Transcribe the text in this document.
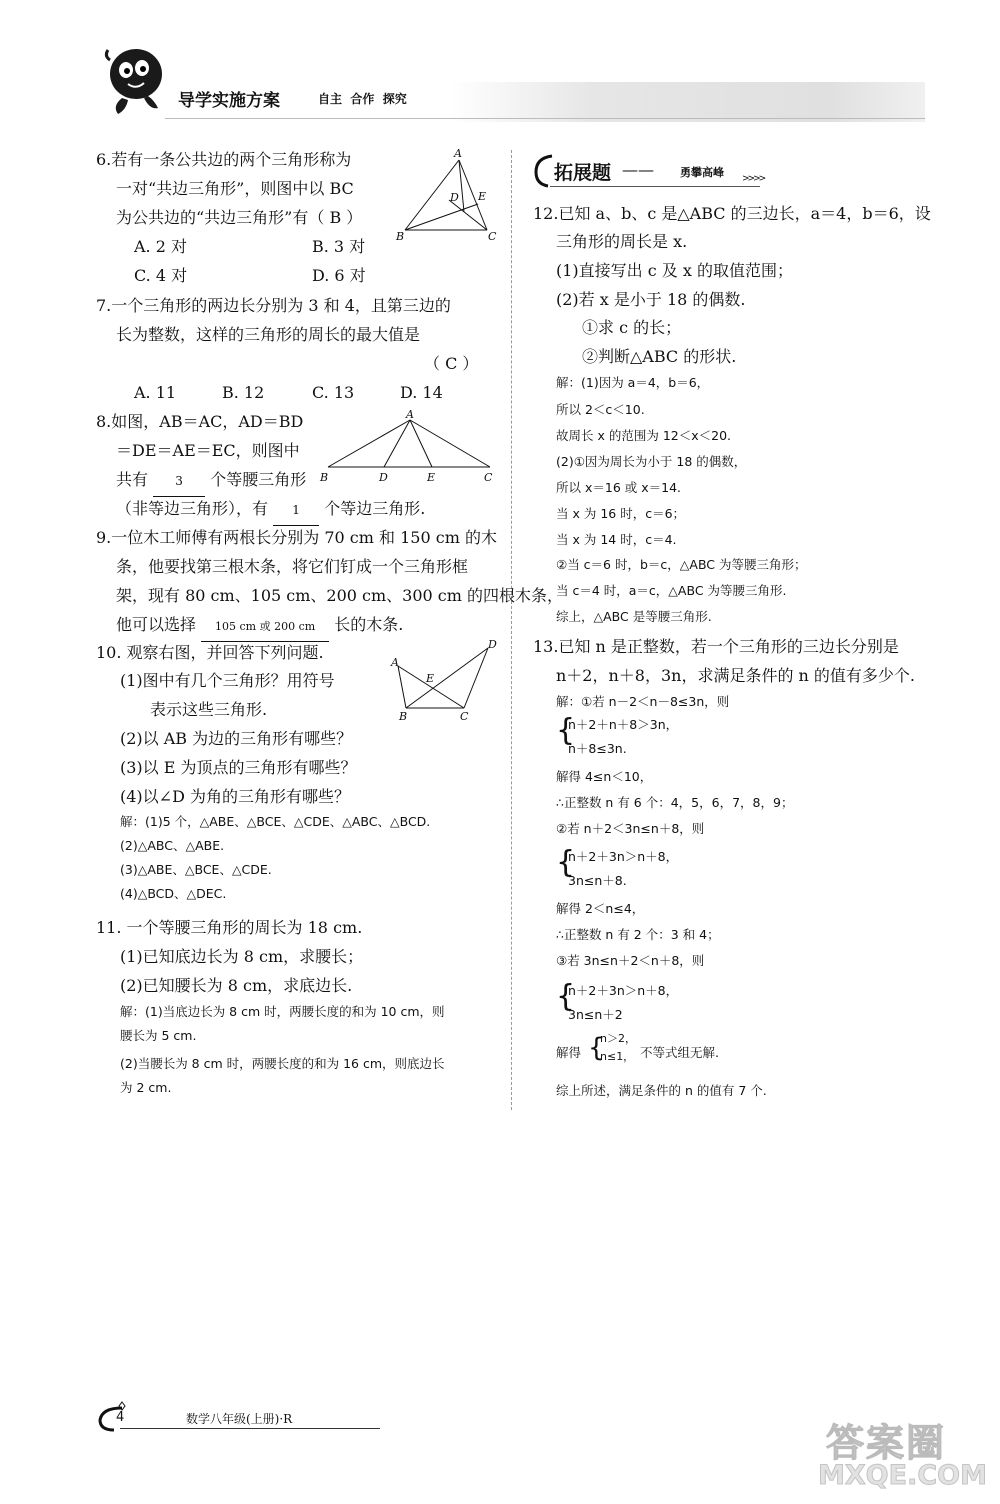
导学实施方案	自主  合作  探究
6.若有一条公共边的两个三角形称为
一对“共边三角形”，则图中以 BC
为公共边的“共边三角形”有（ B ）
A. 2 对	B. 3 对
C. 4 对	D. 6 对
A
D E
B	C
7.一个三角形的两边长分别为 3 和 4，且第三边的
长为整数，这样的三角形的周长的最大值是
（ C ）
A. 11	B. 12	C. 13	D. 14
8.如图，AB＝AC，AD＝BD
＝DE＝AE＝EC，则图中
共有 3 个等腰三角形
（非等边三角形），有 1 个等边三角形.
A
B	D	E	C
9.一位木工师傅有两根长分别为 70 cm 和 150 cm 的木
条，他要找第三根木条，将它们钉成一个三角形框
架，现有 80 cm、105 cm、200 cm、300 cm 的四根木条，
他可以选择 105 cm 或 200 cm 长的木条.
10. 观察右图，并回答下列问题.
(1)图中有几个三角形？用符号
表示这些三角形.
(2)以 AB 为边的三角形有哪些？
(3)以 E 为顶点的三角形有哪些？
(4)以∠D 为角的三角形有哪些？
A
D
E
B	C
解：(1)5 个，△ABE、△BCE、△CDE、△ABC、△BCD.
(2)△ABC、△ABE.
(3)△ABE、△BCE、△CDE.
(4)△BCD、△DEC.
11. 一个等腰三角形的周长为 18 cm.
(1)已知底边长为 8 cm，求腰长；
(2)已知腰长为 8 cm，求底边长.
解：(1)当底边长为 8 cm 时，两腰长度的和为 10 cm，则
腰长为 5 cm.
(2)当腰长为 8 cm 时，两腰长度的和为 16 cm，则底边长
为 2 cm.
拓展题 —— 勇攀高峰 >>>>
12.已知 a、b、c 是△ABC 的三边长，a＝4，b＝6，设
三角形的周长是 x.
(1)直接写出 c 及 x 的取值范围；
(2)若 x 是小于 18 的偶数.
①求 c 的长；
②判断△ABC 的形状.
解：(1)因为 a＝4，b＝6，
所以 2＜c＜10.
故周长 x 的范围为 12＜x＜20.
(2)①因为周长为小于 18 的偶数，
所以 x＝16 或 x＝14.
当 x 为 16 时，c＝6；
当 x 为 14 时，c＝4.
②当 c＝6 时，b＝c，△ABC 为等腰三角形；
当 c＝4 时，a＝c，△ABC 为等腰三角形.
综上，△ABC 是等腰三角形.
13.已知 n 是正整数，若一个三角形的三边长分别是
n＋2，n＋8，3n，求满足条件的 n 的值有多少个.
解：①若 n－2＜n－8≤3n，则
{
n＋2＋n＋8＞3n，
n＋8≤3n.
解得 4≤n＜10，
∴正整数 n 有 6 个：4，5，6，7，8，9；
②若 n＋2＜3n≤n＋8，则
{
n＋2＋3n＞n＋8，
3n≤n＋8.
解得 2＜n≤4，
∴正整数 n 有 2 个：3 和 4；
③若 3n≤n＋2＜n＋8，则
{
n＋2＋3n＞n＋8，
3n≤n＋2
解得 {
n＞2，
n≤1， 不等式组无解.
综上所述，满足条件的 n 的值有 7 个.
4	数学八年级(上册)·R
答案圈
MXQE.COM
